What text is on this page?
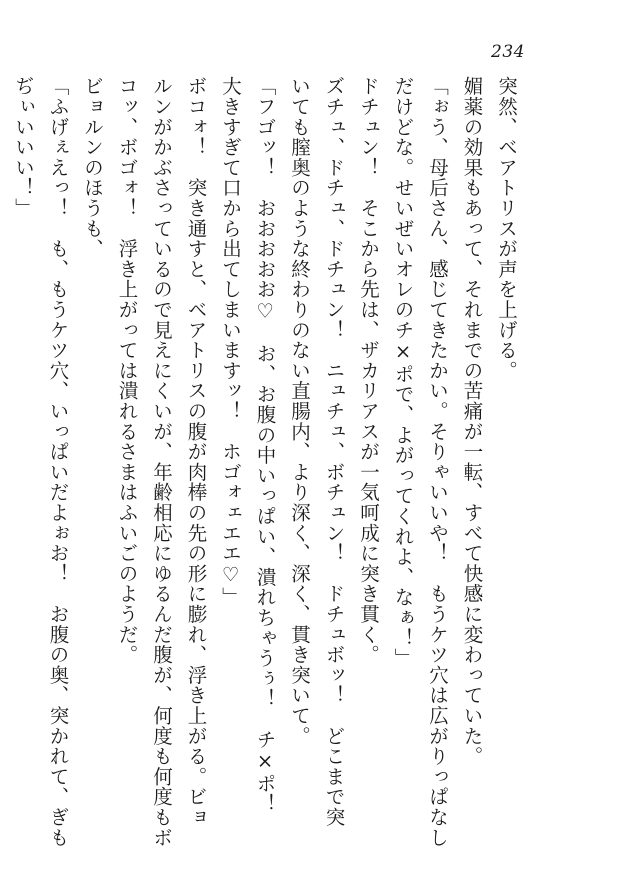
234
突然、ベアトリスが声を上げる。
媚薬の効果もあって、それまでの苦痛が一転、すべて快感に変わっていた。
「ぉう、母后さん、感じてきたかい。そりゃいいや！　もうケツ穴は広がりっぱなし
だけどな。せいぜいオレのチ×ポで、よがってくれよ、なぁ！」
ドチュン！　そこから先は、ザカリアスが一気呵成に突き貫く。
ズチュ、ドチュ、ドチュン！　ニュチュ、ボチュン！　ドチュボッ！　どこまで突
いても膣奥のような終わりのない直腸内、より深く、深く、貫き突いて。
「フゴッ！　おおおおお♡　お、お腹の中いっぱい、潰れちゃうぅ！　チ×ポ！
大きすぎて口から出てしまいますッ！　ホゴォェエエ♡」
ボコォ！　突き通すと、ベアトリスの腹が肉棒の先の形に膨れ、浮き上がる。ビョ
ルンがかぶさっているので見えにくいが、年齢相応にゆるんだ腹が、何度も何度もボ
コッ、ボゴォ！　浮き上がっては潰れるさまはふいごのようだ。
ビョルンのほうも、
「ふげぇえっ！　も、もうケツ穴、いっぱいだよぉお！　お腹の奥、突かれて、ぎも
ぢぃいいい！」
